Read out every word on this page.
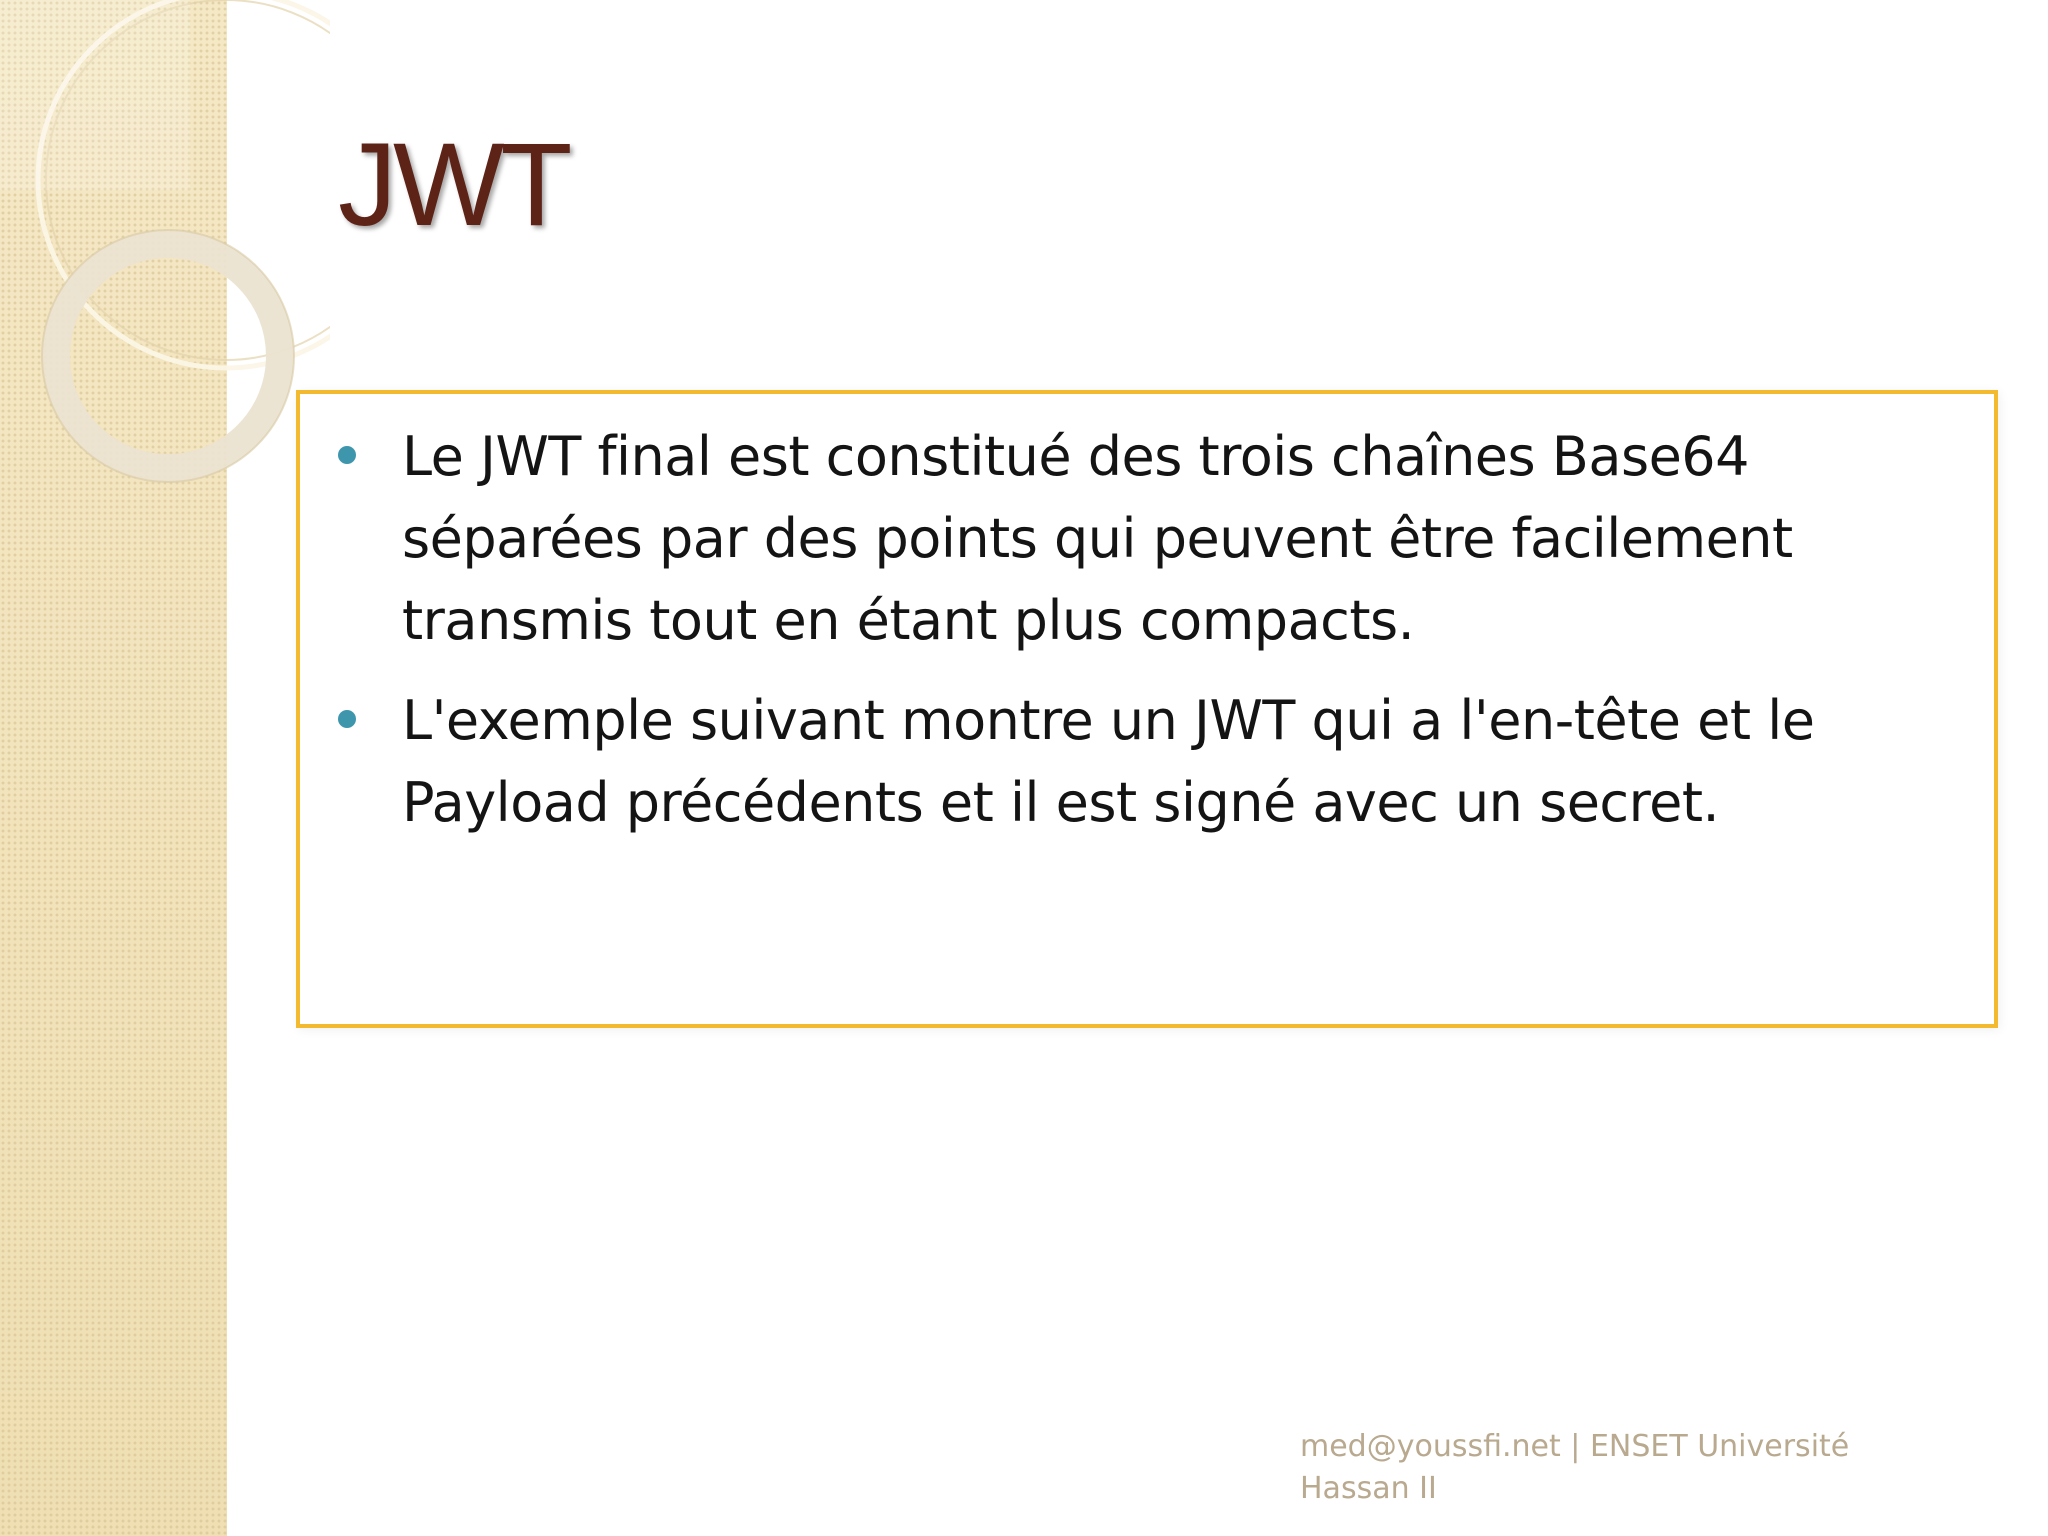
JWT
Le JWT final est constitué des trois chaînes Base64 séparées par des points qui peuvent être facilement transmis tout en étant plus compacts.
L'exemple suivant montre un JWT qui a l'en-tête et le Payload précédents et il est signé avec un secret.
med@youssfi.net | ENSET Université Hassan II
